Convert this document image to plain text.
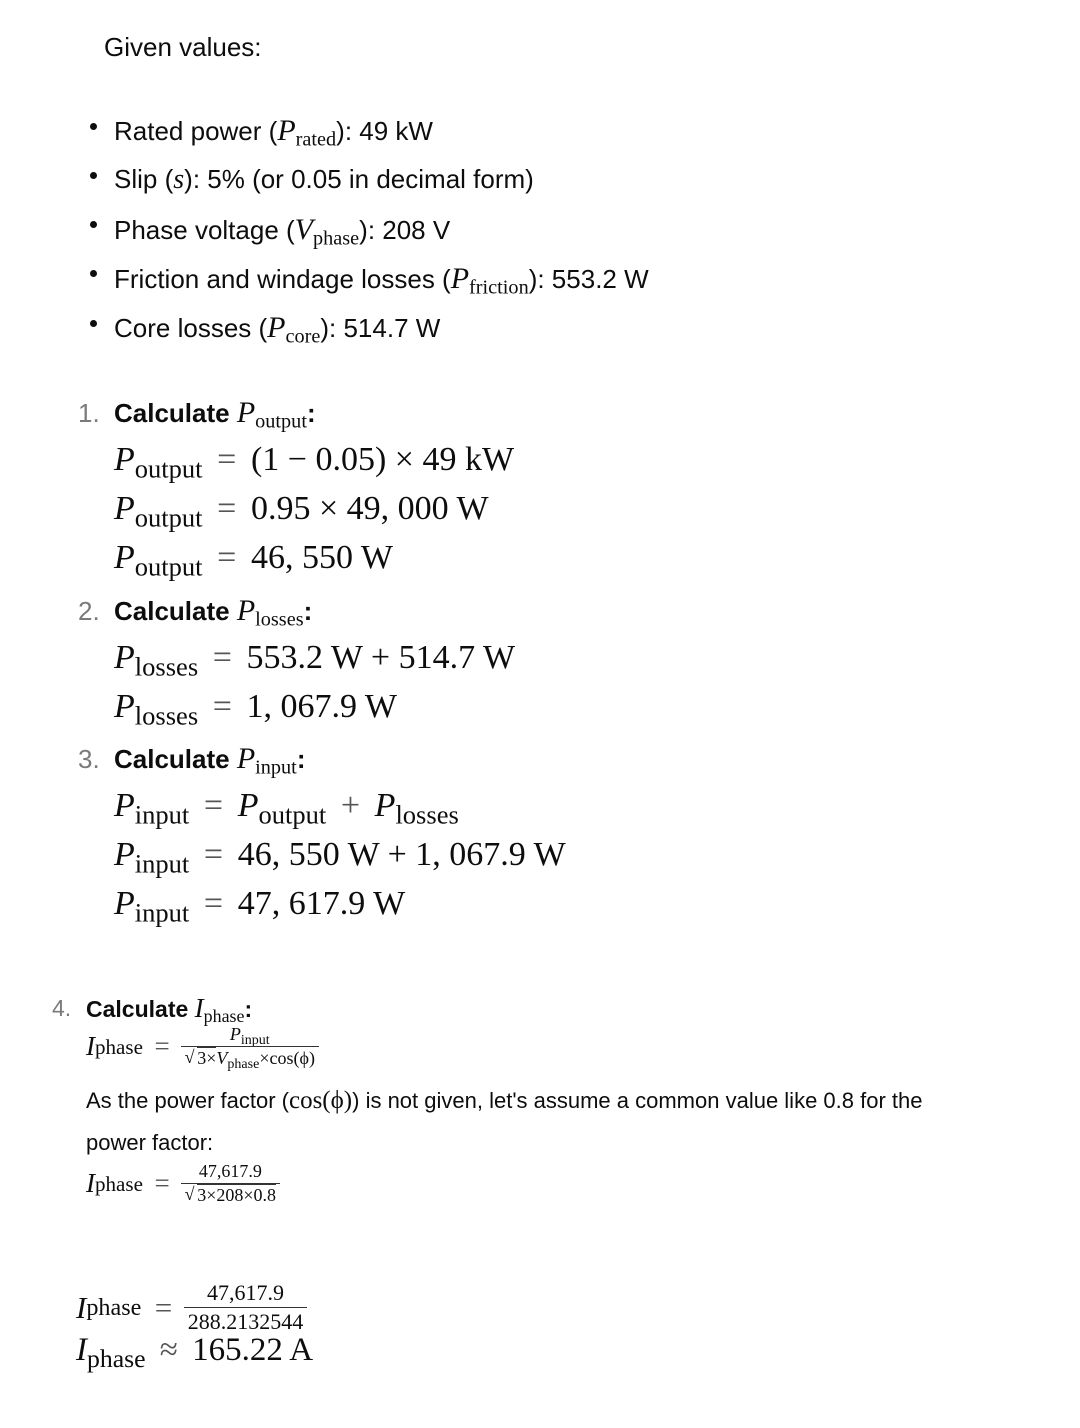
Given values:
Rated power $(P_{rated})$: 49 kW
Slip (s): 5% (or 0.05 in decimal form)
Phase voltage $(V_{phase})$: 208 V
Friction and windage losses $(P_{friction})$: 553.2 W
Core losses $(P_{core})$: 514.7 W
1. Calculate $P_{output}$:
$P_{output} = (1 - 0.05) \times 49$ kW
$P_{output} = 0.95 \times 49$, 000 W
$P_{output} = 46$, 550 W
2. Calculate $P_{losses}$:
$P_{losses} = 553.2$ W + 514.7 W
$P_{losses} = 1$, 067.9 W
3. Calculate $P_{input}$:
$P_{input} = P_{output} + P_{losses}$
$P_{input} = 46$, 550 W + 1, 067.9 W
$P_{input} = 47$, 617.9 W
4. Calculate $I_{phase}$:
I phase
= $\frac{P_{input}}{√ 3\times V_{phase}\times\cos(\phi)}$
As the power factor (cos(ϕ)) is not given, let's assume a common value like 0.8 for the
power factor:
I phase
= $\frac{47,617.9}{√ 3\times 208\times 0.8}$
I phase
= $\frac{47,617.9}{288.2132544}$
$I_{phase} \approx 165.22$ A
